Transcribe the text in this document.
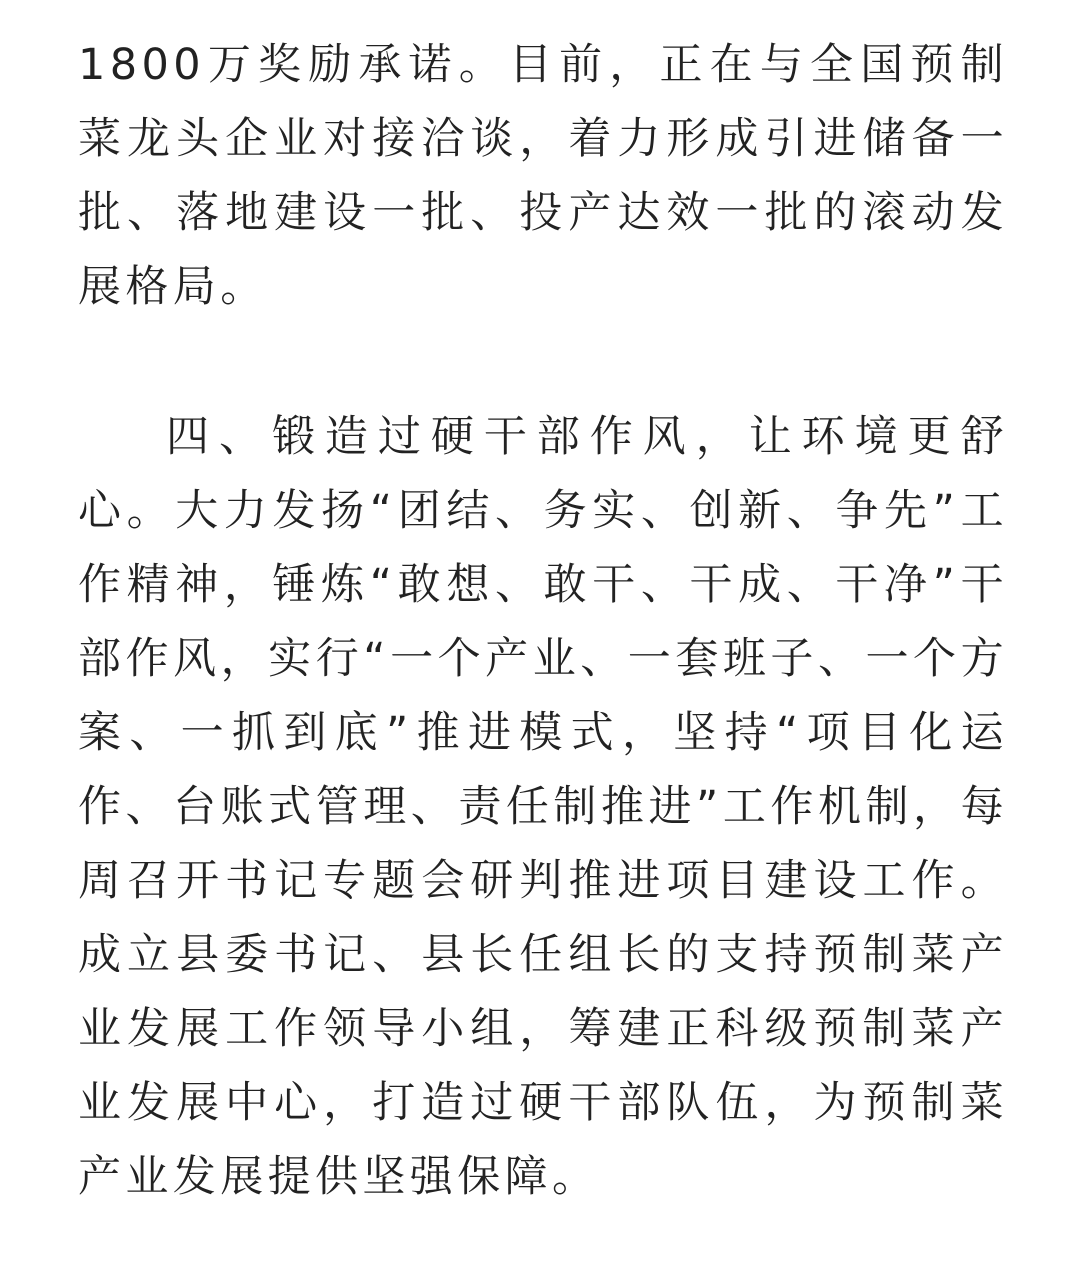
1800万奖励承诺。目前，正在与全国预制菜龙头企业对接洽谈，着力形成引进储备一批、落地建设一批、投产达效一批的滚动发展格局。

四、锻造过硬干部作风，让环境更舒心。大力发扬“团结、务实、创新、争先”工作精神，锤炼“敢想、敢干、干成、干净”干部作风，实行“一个产业、一套班子、一个方案、一抓到底”推进模式，坚持“项目化运作、台账式管理、责任制推进”工作机制，每周召开书记专题会研判推进项目建设工作。成立县委书记、县长任组长的支持预制菜产业发展工作领导小组，筹建正科级预制菜产业发展中心，打造过硬干部队伍，为预制菜产业发展提供坚强保障。
